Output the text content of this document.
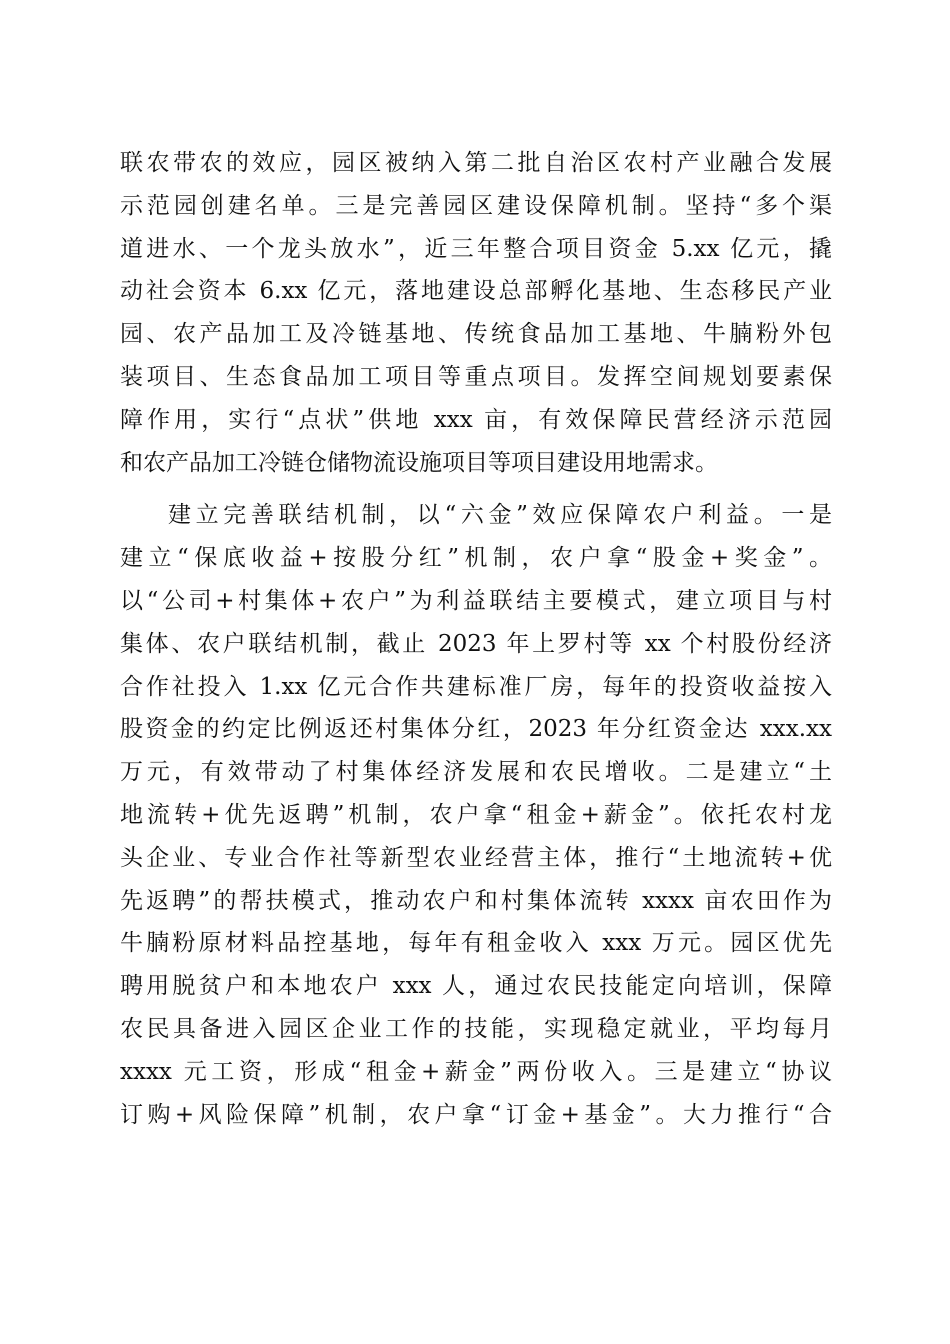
联农带农的效应，园区被纳入第二批自治区农村产业融合发展
示范园创建名单。三是完善园区建设保障机制。坚持“多个渠
道进水、一个龙头放水”，近三年整合项目资金 5.xx 亿元，撬
动社会资本 6.xx 亿元，落地建设总部孵化基地、生态移民产业
园、农产品加工及冷链基地、传统食品加工基地、牛腩粉外包
装项目、生态食品加工项目等重点项目。发挥空间规划要素保
障作用，实行“点状”供地 xxx 亩，有效保障民营经济示范园
和农产品加工冷链仓储物流设施项目等项目建设用地需求。
建立完善联结机制，以“六金”效应保障农户利益。一是
建立“保底收益+按股分红”机制，农户拿“股金+奖金”。
以“公司+村集体+农户”为利益联结主要模式，建立项目与村
集体、农户联结机制，截止 2023 年上罗村等 xx 个村股份经济
合作社投入 1.xx 亿元合作共建标准厂房，每年的投资收益按入
股资金的约定比例返还村集体分红，2023 年分红资金达 xxx.xx
万元，有效带动了村集体经济发展和农民增收。二是建立“土
地流转+优先返聘”机制，农户拿“租金+薪金”。依托农村龙
头企业、专业合作社等新型农业经营主体，推行“土地流转+优
先返聘”的帮扶模式，推动农户和村集体流转 xxxx 亩农田作为
牛腩粉原材料品控基地，每年有租金收入 xxx 万元。园区优先
聘用脱贫户和本地农户 xxx 人，通过农民技能定向培训，保障
农民具备进入园区企业工作的技能，实现稳定就业，平均每月
xxxx 元工资，形成“租金+薪金”两份收入。三是建立“协议
订购+风险保障”机制，农户拿“订金+基金”。大力推行“合
